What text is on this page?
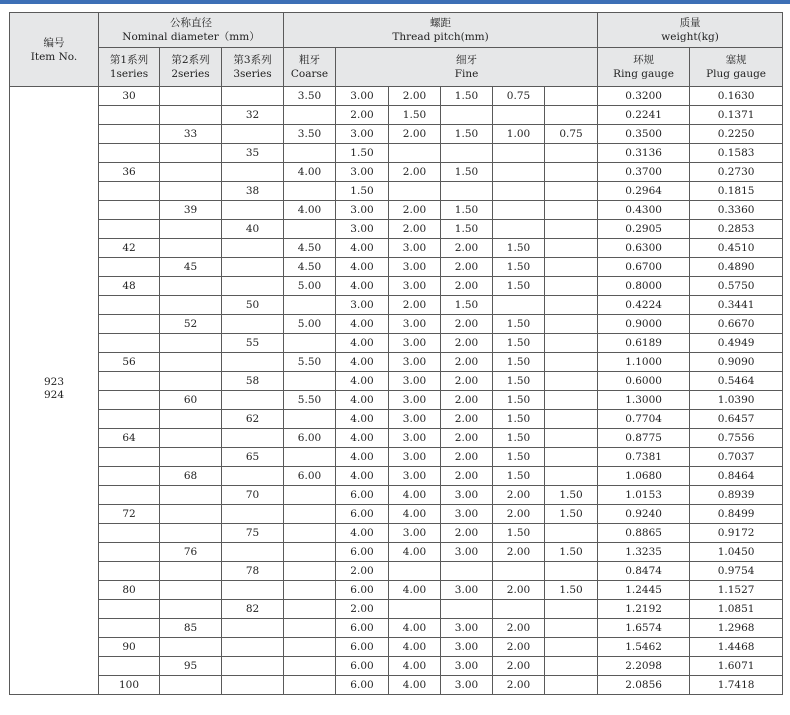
编号
Item No.	公称直径
Nominal diameter（mm）			螺距
Thread pitch(mm)						质量
weight(kg)	

	第1系列
1series	第2系列
2series	第3系列
3series	粗牙
Coarse	细牙
Fine					环规
Ring gauge	塞规
Plug gauge

923
924	30			3.50	3.00	2.00	1.50	0.75		0.3200	0.1630
			32		2.00	1.50				0.2241	0.1371
		33		3.50	3.00	2.00	1.50	1.00	0.75	0.3500	0.2250
			35		1.50					0.3136	0.1583
	36			4.00	3.00	2.00	1.50			0.3700	0.2730
			38		1.50					0.2964	0.1815
		39		4.00	3.00	2.00	1.50			0.4300	0.3360
			40		3.00	2.00	1.50			0.2905	0.2853
	42			4.50	4.00	3.00	2.00	1.50		0.6300	0.4510
		45		4.50	4.00	3.00	2.00	1.50		0.6700	0.4890
	48			5.00	4.00	3.00	2.00	1.50		0.8000	0.5750
			50		3.00	2.00	1.50			0.4224	0.3441
		52		5.00	4.00	3.00	2.00	1.50		0.9000	0.6670
			55		4.00	3.00	2.00	1.50		0.6189	0.4949
	56			5.50	4.00	3.00	2.00	1.50		1.1000	0.9090
			58		4.00	3.00	2.00	1.50		0.6000	0.5464
		60		5.50	4.00	3.00	2.00	1.50		1.3000	1.0390
			62		4.00	3.00	2.00	1.50		0.7704	0.6457
	64			6.00	4.00	3.00	2.00	1.50		0.8775	0.7556
			65		4.00	3.00	2.00	1.50		0.7381	0.7037
		68		6.00	4.00	3.00	2.00	1.50		1.0680	0.8464
			70		6.00	4.00	3.00	2.00	1.50	1.0153	0.8939
	72				6.00	4.00	3.00	2.00	1.50	0.9240	0.8499
			75		4.00	3.00	2.00	1.50		0.8865	0.9172
		76			6.00	4.00	3.00	2.00	1.50	1.3235	1.0450
			78		2.00					0.8474	0.9754
	80				6.00	4.00	3.00	2.00	1.50	1.2445	1.1527
			82		2.00					1.2192	1.0851
		85			6.00	4.00	3.00	2.00		1.6574	1.2968
	90				6.00	4.00	3.00	2.00		1.5462	1.4468
		95			6.00	4.00	3.00	2.00		2.2098	1.6071
	100				6.00	4.00	3.00	2.00		2.0856	1.7418
